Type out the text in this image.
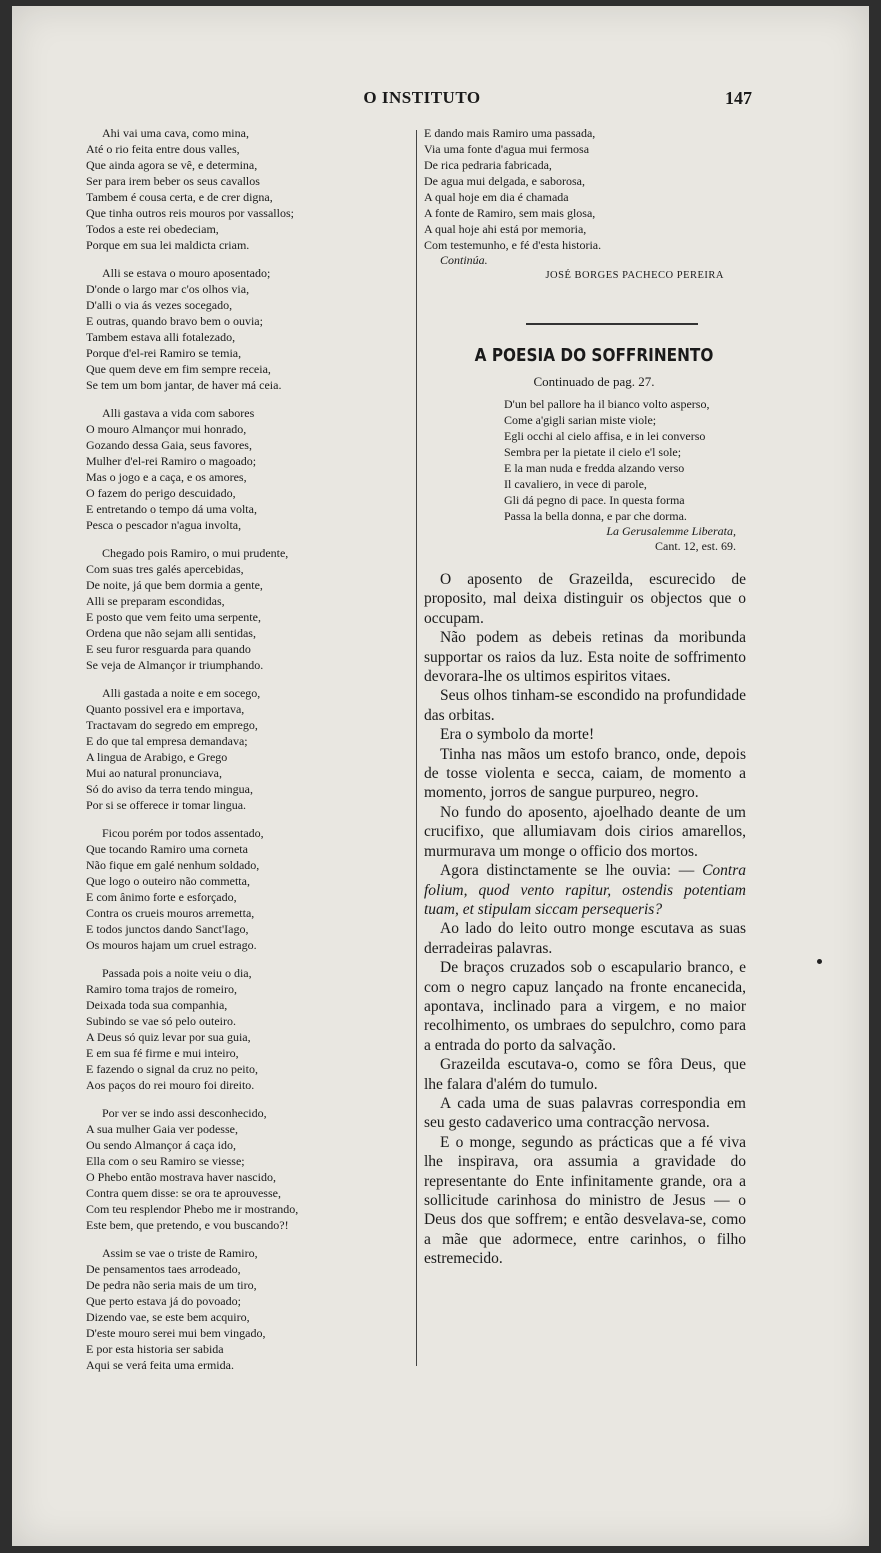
O INSTITUTO	147
Ahi vai uma cava, como mina,
Até o rio feita entre dous valles,
Que ainda agora se vê, e determina,
Ser para irem beber os seus cavallos
Tambem é cousa certa, e de crer digna,
Que tinha outros reis mouros por vassallos;
Todos a este rei obedeciam,
Porque em sua lei maldicta criam.
Alli se estava o mouro aposentado;
D'onde o largo mar c'os olhos via,
D'alli o via ás vezes socegado,
E outras, quando bravo bem o ouvia;
Tambem estava alli fotalezado,
Porque d'el-rei Ramiro se temia,
Que quem deve em fim sempre receia,
Se tem um bom jantar, de haver má ceia.
Alli gastava a vida com sabores
O mouro Almançor mui honrado,
Gozando dessa Gaia, seus favores,
Mulher d'el-rei Ramiro o magoado;
Mas o jogo e a caça, e os amores,
O fazem do perigo descuidado,
E entretando o tempo dá uma volta,
Pesca o pescador n'agua involta,
Chegado pois Ramiro, o mui prudente,
Com suas tres galés apercebidas,
De noite, já que bem dormia a gente,
Alli se preparam escondidas,
E posto que vem feito uma serpente,
Ordena que não sejam alli sentidas,
E seu furor resguarda para quando
Se veja de Almançor ir triumphando.
Alli gastada a noite e em socego,
Quanto possivel era e importava,
Tractavam do segredo em emprego,
E do que tal empresa demandava;
A lingua de Arabigo, e Grego
Mui ao natural pronunciava,
Só do aviso da terra tendo mingua,
Por si se offerece ir tomar lingua.
Ficou porém por todos assentado,
Que tocando Ramiro uma corneta
Não fique em galé nenhum soldado,
Que logo o outeiro não commetta,
E com ânimo forte e esforçado,
Contra os crueis mouros arremetta,
E todos junctos dando Sanct'Iago,
Os mouros hajam um cruel estrago.
Passada pois a noite veiu o dia,
Ramiro toma trajos de romeiro,
Deixada toda sua companhia,
Subindo se vae só pelo outeiro.
A Deus só quiz levar por sua guia,
E em sua fé firme e mui inteiro,
E fazendo o signal da cruz no peito,
Aos paços do rei mouro foi direito.
Por ver se indo assi desconhecido,
A sua mulher Gaia ver podesse,
Ou sendo Almançor á caça ido,
Ella com o seu Ramiro se viesse;
O Phebo então mostrava haver nascido,
Contra quem disse: se ora te aprouvesse,
Com teu resplendor Phebo me ir mostrando,
Este bem, que pretendo, e vou buscando?!
Assim se vae o triste de Ramiro,
De pensamentos taes arrodeado,
De pedra não seria mais de um tiro,
Que perto estava já do povoado;
Dizendo vae, se este bem acquiro,
D'este mouro serei mui bem vingado,
E por esta historia ser sabida
Aqui se verá feita uma ermida.
E dando mais Ramiro uma passada,
Via uma fonte d'agua mui fermosa
De rica pedraria fabricada,
De agua mui delgada, e saborosa,
A qual hoje em dia é chamada
A fonte de Ramiro, sem mais glosa,
A qual hoje ahi está por memoria,
Com testemunho, e fé d'esta historia.
Continúa.
JOSÉ BORGES PACHECO PEREIRA
A POESIA DO SOFFRINENTO
Continuado de pag. 27.
D'un bel pallore ha il bianco volto asperso,
Come a'gigli sarian miste viole;
Egli occhi al cielo affisa, e in lei converso
Sembra per la pietate il cielo e'l sole;
E la man nuda e fredda alzando verso
Il cavaliero, in vece di parole,
Gli dá pegno di pace. In questa forma
Passa la bella donna, e par che dorma.
La Gerusalemme Liberata,
Cant. 12, est. 69.

O aposento de Grazeilda, escurecido de proposito, mal deixa distinguir os objectos que o occupam.

Não podem as debeis retinas da moribunda supportar os raios da luz. Esta noite de soffrimento devorara-lhe os ultimos espiritos vitaes.

Seus olhos tinham-se escondido na profundidade das orbitas.

Era o symbolo da morte!

Tinha nas mãos um estofo branco, onde, depois de tosse violenta e secca, caiam, de momento a momento, jorros de sangue purpureo, negro.

No fundo do aposento, ajoelhado deante de um crucifixo, que allumiavam dois cirios amarellos, murmurava um monge o officio dos mortos.

Agora distinctamente se lhe ouvia: — Contra folium, quod vento rapitur, ostendis potentiam tuam, et stipulam siccam persequeris?

Ao lado do leito outro monge escutava as suas derradeiras palavras.

De braços cruzados sob o escapulario branco, e com o negro capuz lançado na fronte encanecida, apontava, inclinado para a virgem, e no maior recolhimento, os umbraes do sepulchro, como para a entrada do porto da salvação.

Grazeilda escutava-o, como se fôra Deus, que lhe falara d'além do tumulo.

A cada uma de suas palavras correspondia em seu gesto cadaverico uma contracção nervosa.

E o monge, segundo as prácticas que a fé viva lhe inspirava, ora assumia a gravidade do representante do Ente infinitamente grande, ora a sollicitude carinhosa do ministro de Jesus — o Deus dos que soffrem; e então desvelava-se, como a mãe que adormece, entre carinhos, o filho estremecido.
